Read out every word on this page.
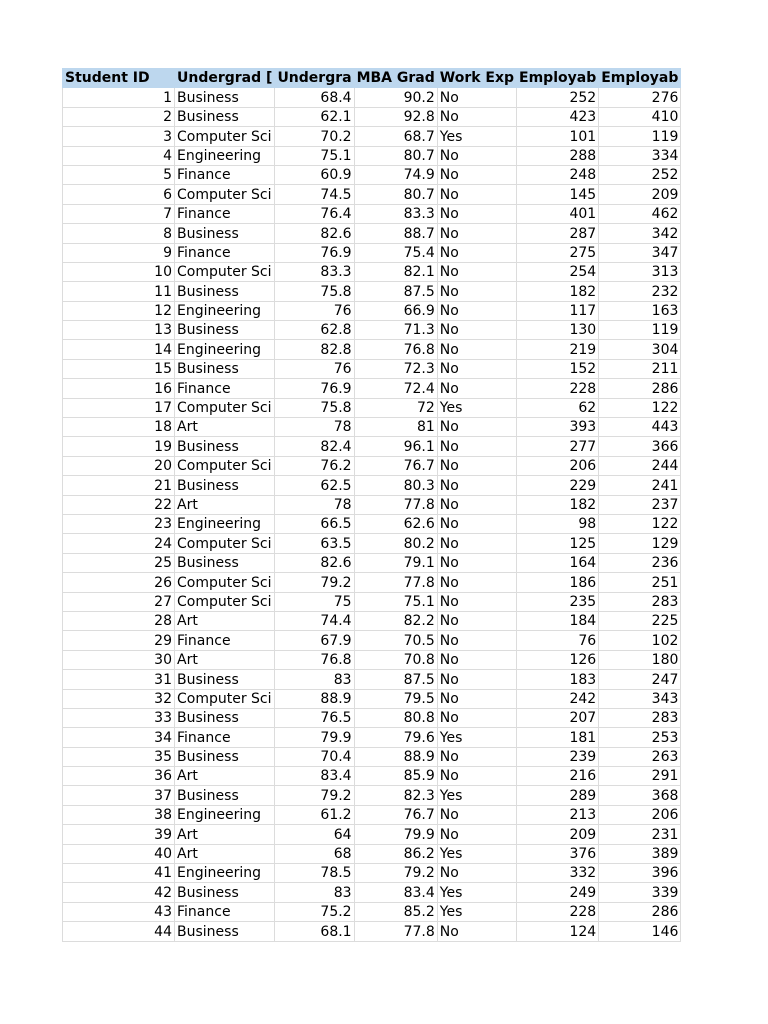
Student ID	Undergrad [	Undergra	MBA Grad	Work Exp	Employab	Employab
1	Business	68.4	90.2	No	252	276
2	Business	62.1	92.8	No	423	410
3	Computer Sci	70.2	68.7	Yes	101	119
4	Engineering	75.1	80.7	No	288	334
5	Finance	60.9	74.9	No	248	252
6	Computer Sci	74.5	80.7	No	145	209
7	Finance	76.4	83.3	No	401	462
8	Business	82.6	88.7	No	287	342
9	Finance	76.9	75.4	No	275	347
10	Computer Sci	83.3	82.1	No	254	313
11	Business	75.8	87.5	No	182	232
12	Engineering	76	66.9	No	117	163
13	Business	62.8	71.3	No	130	119
14	Engineering	82.8	76.8	No	219	304
15	Business	76	72.3	No	152	211
16	Finance	76.9	72.4	No	228	286
17	Computer Sci	75.8	72	Yes	62	122
18	Art	78	81	No	393	443
19	Business	82.4	96.1	No	277	366
20	Computer Sci	76.2	76.7	No	206	244
21	Business	62.5	80.3	No	229	241
22	Art	78	77.8	No	182	237
23	Engineering	66.5	62.6	No	98	122
24	Computer Sci	63.5	80.2	No	125	129
25	Business	82.6	79.1	No	164	236
26	Computer Sci	79.2	77.8	No	186	251
27	Computer Sci	75	75.1	No	235	283
28	Art	74.4	82.2	No	184	225
29	Finance	67.9	70.5	No	76	102
30	Art	76.8	70.8	No	126	180
31	Business	83	87.5	No	183	247
32	Computer Sci	88.9	79.5	No	242	343
33	Business	76.5	80.8	No	207	283
34	Finance	79.9	79.6	Yes	181	253
35	Business	70.4	88.9	No	239	263
36	Art	83.4	85.9	No	216	291
37	Business	79.2	82.3	Yes	289	368
38	Engineering	61.2	76.7	No	213	206
39	Art	64	79.9	No	209	231
40	Art	68	86.2	Yes	376	389
41	Engineering	78.5	79.2	No	332	396
42	Business	83	83.4	Yes	249	339
43	Finance	75.2	85.2	Yes	228	286
44	Business	68.1	77.8	No	124	146
